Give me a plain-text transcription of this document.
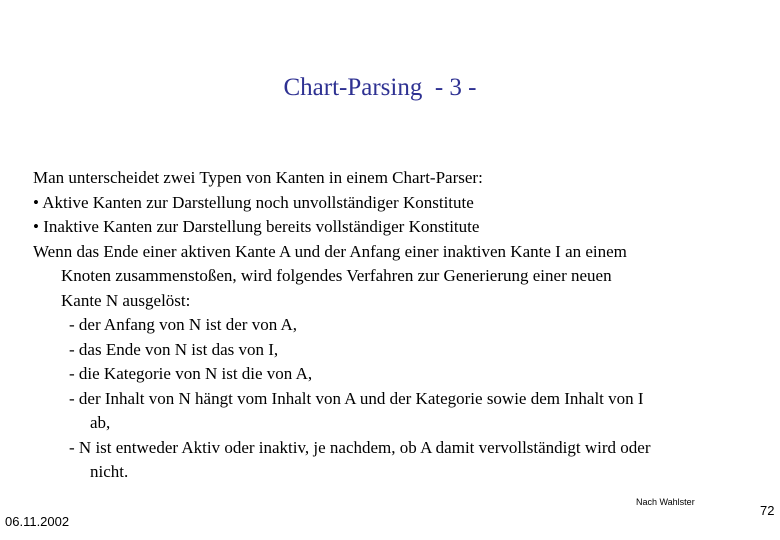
Chart-Parsing  - 3 -
Man unterscheidet zwei Typen von Kanten in einem Chart-Parser:
• Aktive Kanten zur Darstellung noch unvollständiger Konstitute
• Inaktive Kanten zur Darstellung bereits vollständiger Konstitute
Wenn das Ende einer aktiven Kante A und der Anfang einer inaktiven Kante I an einem
Knoten zusammenstoßen, wird folgendes Verfahren zur Generierung einer neuen
Kante N ausgelöst:
- der Anfang von N ist der von A,
- das Ende von N ist das von I,
- die Kategorie von N ist die von A,
- der Inhalt von N hängt vom Inhalt von A und der Kategorie sowie dem Inhalt von I
ab,
- N ist entweder Aktiv oder inaktiv, je nachdem, ob A damit vervollständigt wird oder
nicht.
06.11.2002
Nach Wahlster
72
